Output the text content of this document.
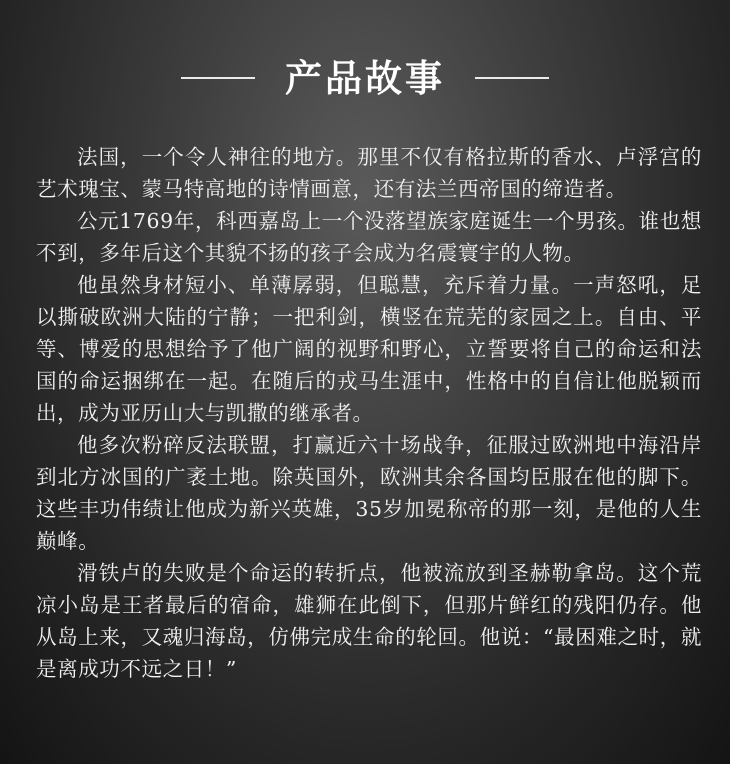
产品故事

法国，一个令人神往的地方。那里不仅有格拉斯的香水、卢浮宫的艺术瑰宝、蒙马特高地的诗情画意，还有法兰西帝国的缔造者。

公元1769年，科西嘉岛上一个没落望族家庭诞生一个男孩。谁也想不到，多年后这个其貌不扬的孩子会成为名震寰宇的人物。

他虽然身材短小、单薄孱弱，但聪慧，充斥着力量。一声怒吼，足以撕破欧洲大陆的宁静；一把利剑，横竖在荒芜的家园之上。自由、平等、博爱的思想给予了他广阔的视野和野心，立誓要将自己的命运和法国的命运捆绑在一起。在随后的戎马生涯中，性格中的自信让他脱颖而出，成为亚历山大与凯撒的继承者。

他多次粉碎反法联盟，打赢近六十场战争，征服过欧洲地中海沿岸到北方冰国的广袤土地。除英国外，欧洲其余各国均臣服在他的脚下。这些丰功伟绩让他成为新兴英雄，35岁加冕称帝的那一刻，是他的人生巅峰。

滑铁卢的失败是个命运的转折点，他被流放到圣赫勒拿岛。这个荒凉小岛是王者最后的宿命，雄狮在此倒下，但那片鲜红的残阳仍存。他从岛上来，又魂归海岛，仿佛完成生命的轮回。他说：“最困难之时，就是离成功不远之日！”
